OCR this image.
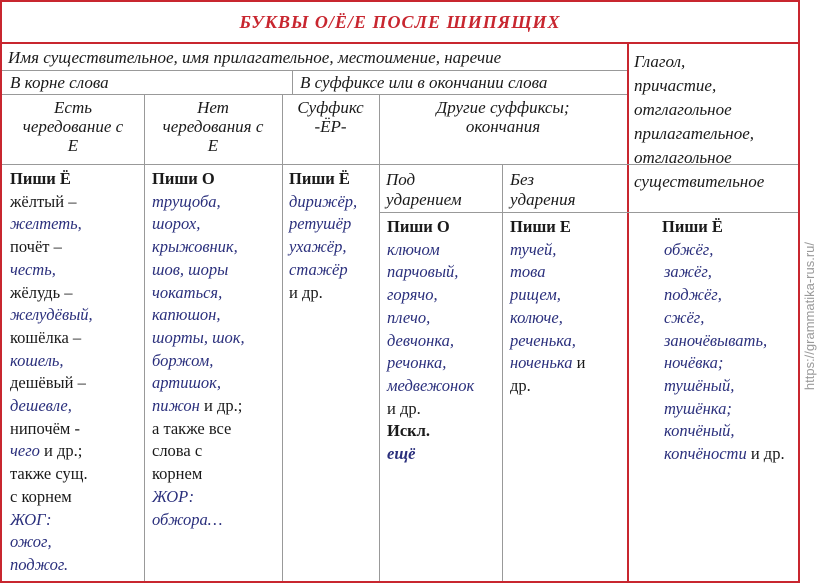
БУКВЫ О/Ё/Е ПОСЛЕ ШИПЯЩИХ
Имя существительное, имя прилагательное, местоимение, наречие
В корне слова	В суффиксе или в окончании слова
Есть
чередование с
Е
Нет
чередования с
Е
Суффикс
-ЁР-
Другие суффиксы;
окончания
Глагол,
причастие,
отглагольное
прилагательное,
отглагольное
существительное
Под
ударением
Без
ударения
Пиши Ё
жёлтый –
желтеть,
почёт –
честь,
жёлудь –
желудёвый,
кошёлка –
кошель,
дешёвый –
дешевле,
нипочём -
чего и др.;
также сущ.
с корнем
ЖОГ:
ожог,
поджог.
Пиши О
трущоба,
шорох,
крыжовник,
шов, шоры
чокаться,
капюшон,
шорты, шок,
боржом,
артишок,
пижон и др.;
а также все
слова с
корнем
ЖОР:
обжора…
Пиши Ё
дирижёр,
ретушёр
ухажёр,
стажёр
и др.
Пиши О
ключом
парчовый,
горячо,
плечо,
девчонка,
речонка,
медвежонок
и др.
Искл.
ещё
Пиши Е
тучей,
това
рищем,
колюче,
реченька,
ноченька и
др.
Пиши Ё
обжёг,
зажёг,
поджёг,
сжёг,
заночёвывать,
ночёвка;
тушёный,
тушёнка;
копчёный,
копчёности и др.
https://grammatika-rus.ru/
